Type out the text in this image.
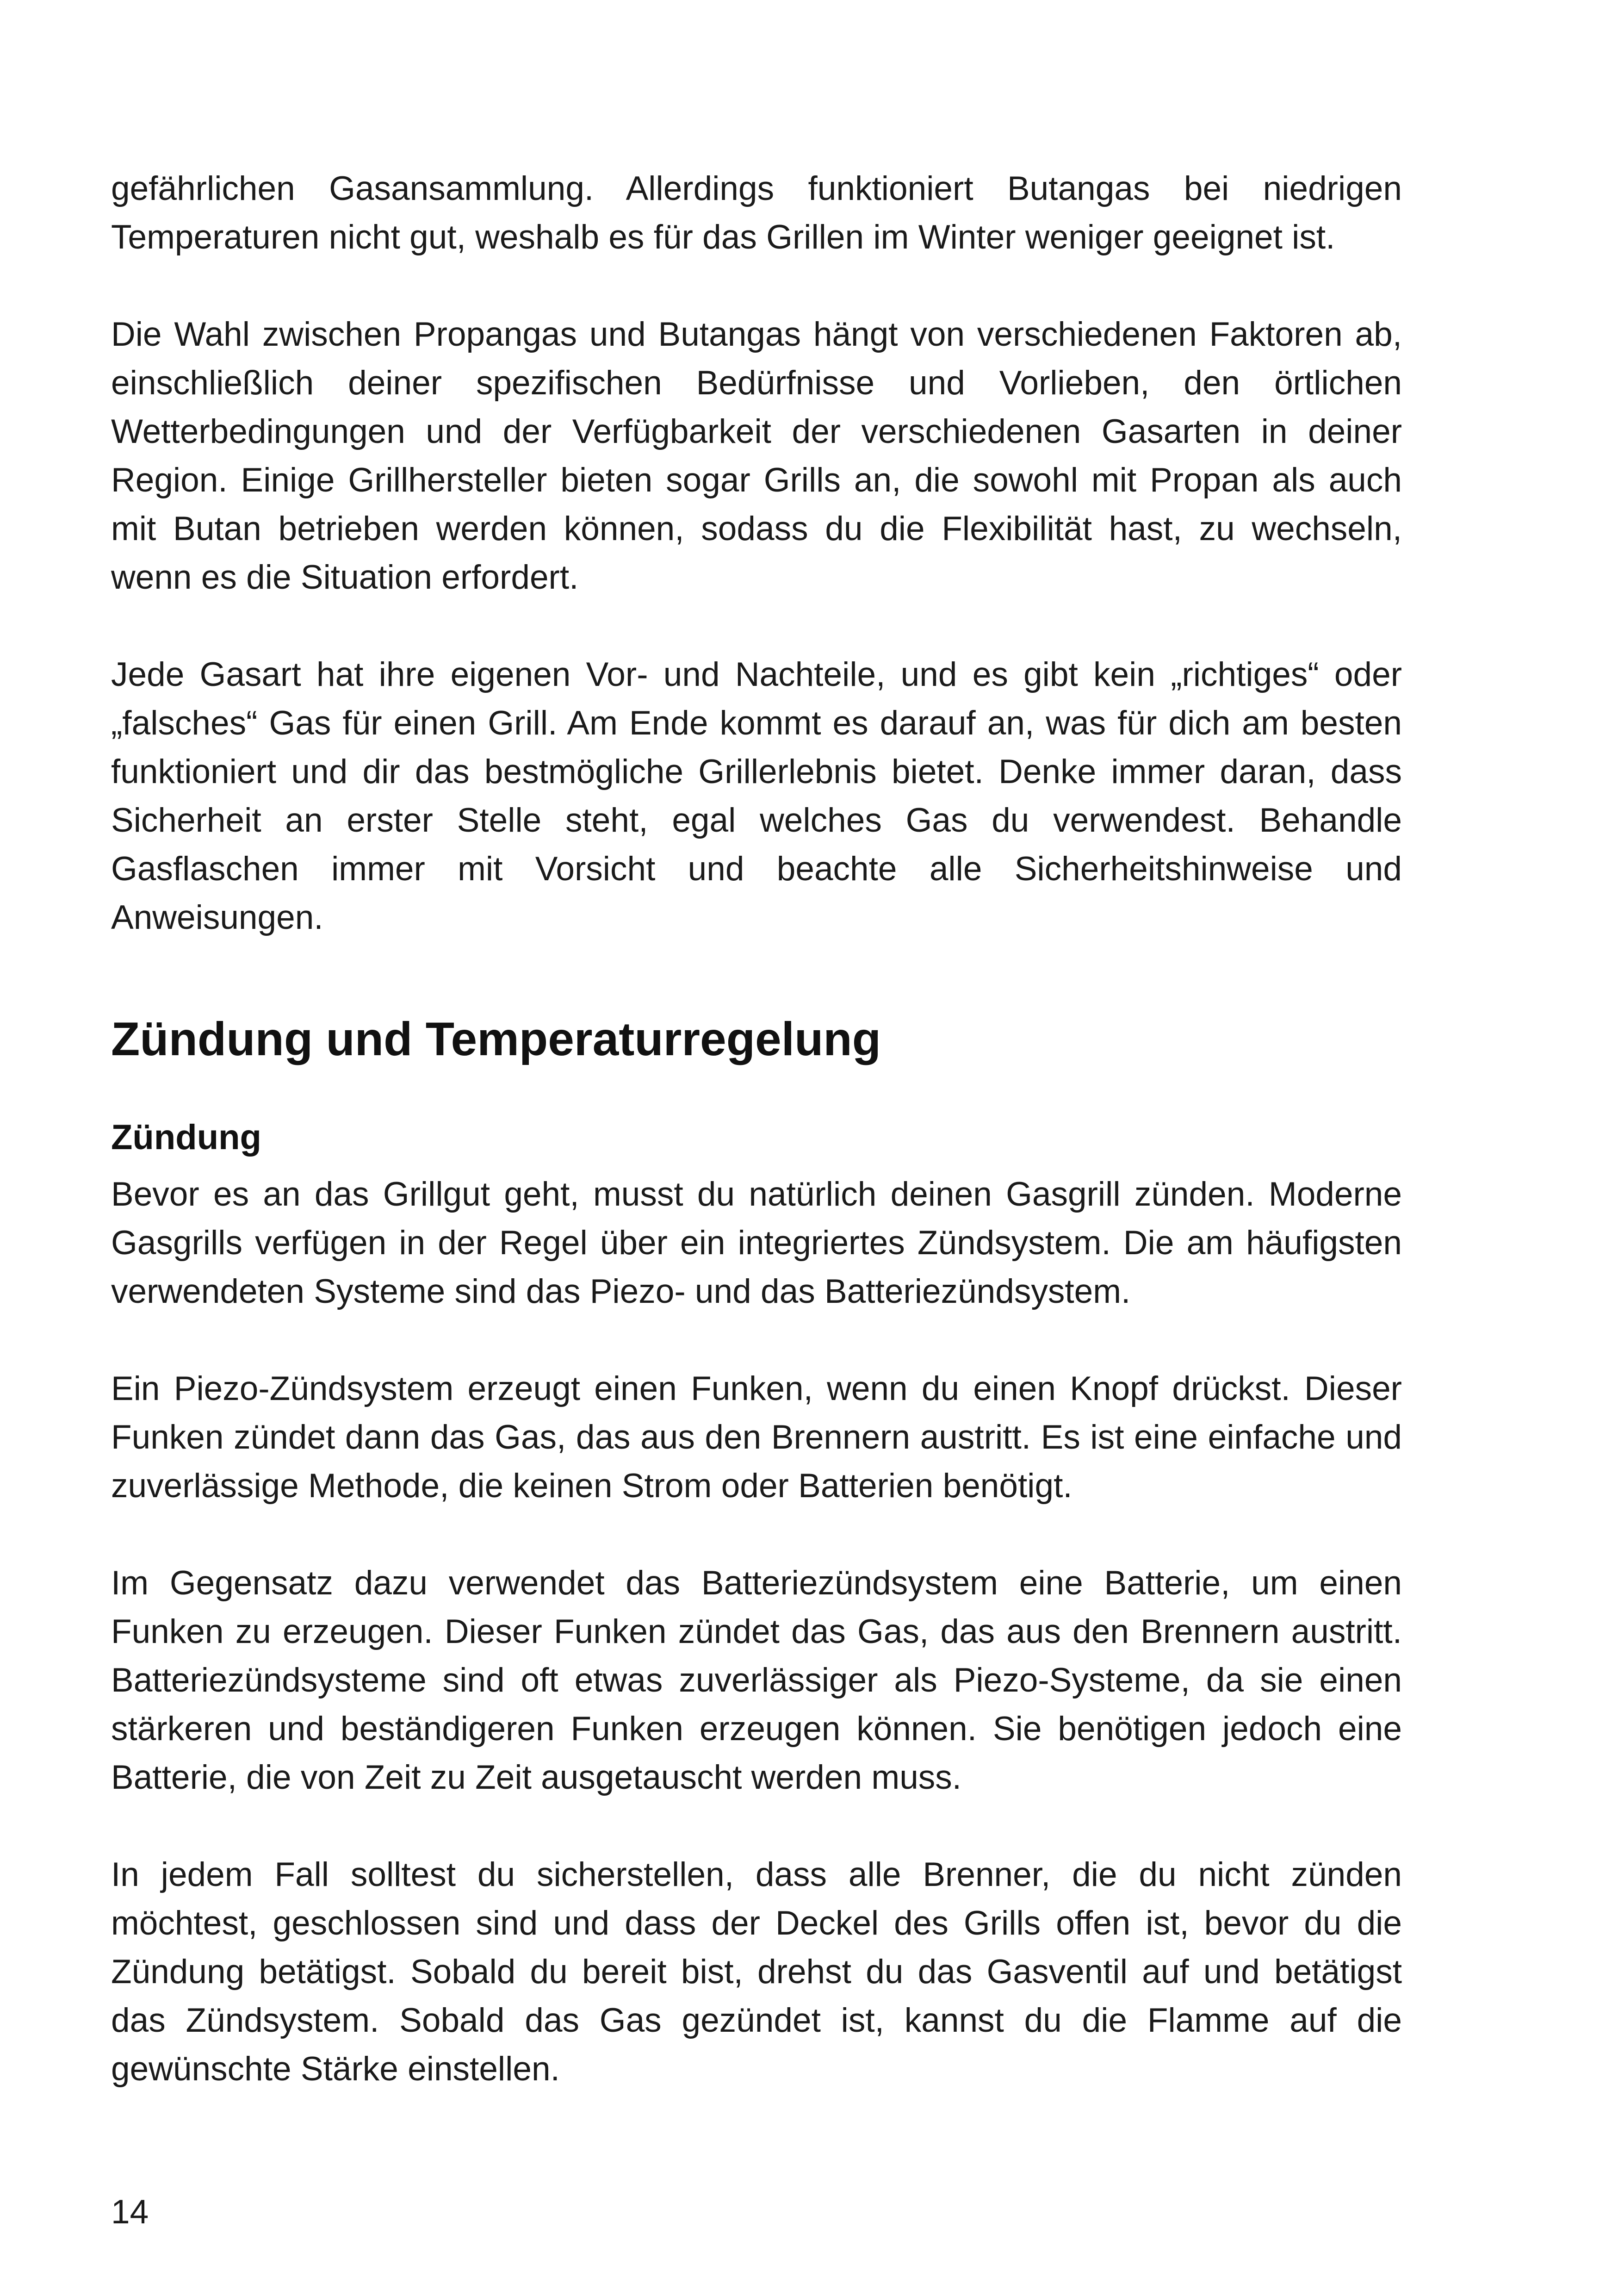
gefährlichen Gasansammlung. Allerdings funktioniert Butangas bei niedrigen Temperaturen nicht gut, weshalb es für das Grillen im Winter weniger geeignet ist.

Die Wahl zwischen Propangas und Butangas hängt von verschiedenen Faktoren ab, einschließlich deiner spezifischen Bedürfnisse und Vorlieben, den örtlichen Wetterbedingungen und der Verfügbarkeit der verschiedenen Gasarten in deiner Region. Einige Grillhersteller bieten sogar Grills an, die sowohl mit Propan als auch mit Butan betrieben werden können, sodass du die Flexibilität hast, zu wechseln, wenn es die Situation erfordert.

Jede Gasart hat ihre eigenen Vor- und Nachteile, und es gibt kein „richtiges“ oder „falsches“ Gas für einen Grill. Am Ende kommt es darauf an, was für dich am besten funktioniert und dir das bestmögliche Grillerlebnis bietet. Denke immer daran, dass Sicherheit an erster Stelle steht, egal welches Gas du verwendest. Behandle Gasflaschen immer mit Vorsicht und beachte alle Sicherheitshinweise und Anweisungen.

Zündung und Temperaturregelung
Zündung

Bevor es an das Grillgut geht, musst du natürlich deinen Gasgrill zünden. Moderne Gasgrills verfügen in der Regel über ein integriertes Zündsystem. Die am häufigsten verwendeten Systeme sind das Piezo- und das Batteriezündsystem.

Ein Piezo-Zündsystem erzeugt einen Funken, wenn du einen Knopf drückst. Dieser Funken zündet dann das Gas, das aus den Brennern austritt. Es ist eine einfache und zuverlässige Methode, die keinen Strom oder Batterien benötigt.

Im Gegensatz dazu verwendet das Batteriezündsystem eine Batterie, um einen Funken zu erzeugen. Dieser Funken zündet das Gas, das aus den Brennern austritt. Batteriezündsysteme sind oft etwas zuverlässiger als Piezo-Systeme, da sie einen stärkeren und beständigeren Funken erzeugen können. Sie benötigen jedoch eine Batterie, die von Zeit zu Zeit ausgetauscht werden muss.

In jedem Fall solltest du sicherstellen, dass alle Brenner, die du nicht zünden möchtest, geschlossen sind und dass der Deckel des Grills offen ist, bevor du die Zündung betätigst. Sobald du bereit bist, drehst du das Gasventil auf und betätigst das Zündsystem. Sobald das Gas gezündet ist, kannst du die Flamme auf die gewünschte Stärke einstellen.

14
